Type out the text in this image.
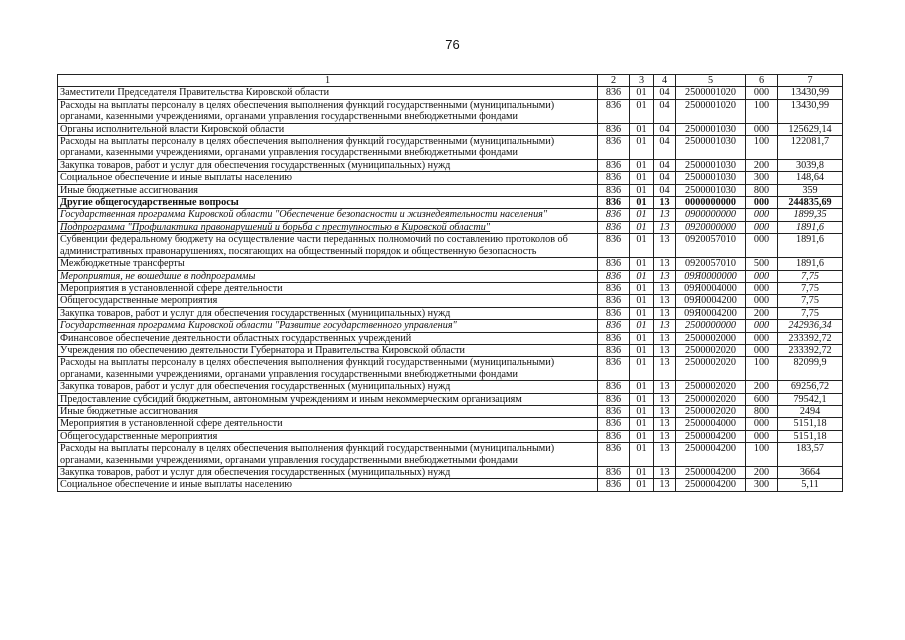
76
1	2	3	4	5	6	7
Заместители Председателя Правительства Кировской области	836	01	04	2500001020	000	13430,99
Расходы на выплаты персоналу в целях обеспечения выполнения функций государственными (муниципальными) органами, казенными учреждениями, органами управления государственными внебюджетными фондами	836	01	04	2500001020	100	13430,99
Органы исполнительной власти Кировской области	836	01	04	2500001030	000	125629,14
Расходы на выплаты персоналу в целях обеспечения выполнения функций государственными (муниципальными) органами, казенными учреждениями, органами управления государственными внебюджетными фондами	836	01	04	2500001030	100	122081,7
Закупка товаров, работ и услуг для обеспечения государственных (муниципальных) нужд	836	01	04	2500001030	200	3039,8
Социальное обеспечение и иные выплаты населению	836	01	04	2500001030	300	148,64
Иные бюджетные ассигнования	836	01	04	2500001030	800	359
Другие общегосударственные вопросы	836	01	13	0000000000	000	244835,69
Государственная программа Кировской области "Обеспечение безопасности и жизнедеятельности населения"	836	01	13	0900000000	000	1899,35
Подпрограмма "Профилактика правонарушений и борьба с преступностью в Кировской области"	836	01	13	0920000000	000	1891,6
Субвенции федеральному бюджету на осуществление части переданных полномочий по составлению протоколов об административных правонарушениях, посягающих на общественный порядок и общественную безопасность	836	01	13	0920057010	000	1891,6
Межбюджетные трансферты	836	01	13	0920057010	500	1891,6
Мероприятия, не вошедшие в подпрограммы	836	01	13	09Я0000000	000	7,75
Мероприятия в установленной сфере деятельности	836	01	13	09Я0004000	000	7,75
Общегосударственные мероприятия	836	01	13	09Я0004200	000	7,75
Закупка товаров, работ и услуг для обеспечения государственных (муниципальных) нужд	836	01	13	09Я0004200	200	7,75
Государственная программа Кировской области "Развитие государственного управления"	836	01	13	2500000000	000	242936,34
Финансовое обеспечение деятельности областных государственных учреждений	836	01	13	2500002000	000	233392,72
Учреждения по обеспечению деятельности Губернатора и Правительства Кировской области	836	01	13	2500002020	000	233392,72
Расходы на выплаты персоналу в целях обеспечения выполнения функций государственными (муниципальными) органами, казенными учреждениями, органами управления государственными внебюджетными фондами	836	01	13	2500002020	100	82099,9
Закупка товаров, работ и услуг для обеспечения государственных (муниципальных) нужд	836	01	13	2500002020	200	69256,72
Предоставление субсидий бюджетным, автономным учреждениям и иным некоммерческим организациям	836	01	13	2500002020	600	79542,1
Иные бюджетные ассигнования	836	01	13	2500002020	800	2494
Мероприятия в установленной сфере деятельности	836	01	13	2500004000	000	5151,18
Общегосударственные мероприятия	836	01	13	2500004200	000	5151,18
Расходы на выплаты персоналу в целях обеспечения выполнения функций государственными (муниципальными) органами, казенными учреждениями, органами управления государственными внебюджетными фондами	836	01	13	2500004200	100	183,57
Закупка товаров, работ и услуг для обеспечения государственных (муниципальных) нужд	836	01	13	2500004200	200	3664
Социальное обеспечение и иные выплаты населению	836	01	13	2500004200	300	5,11
